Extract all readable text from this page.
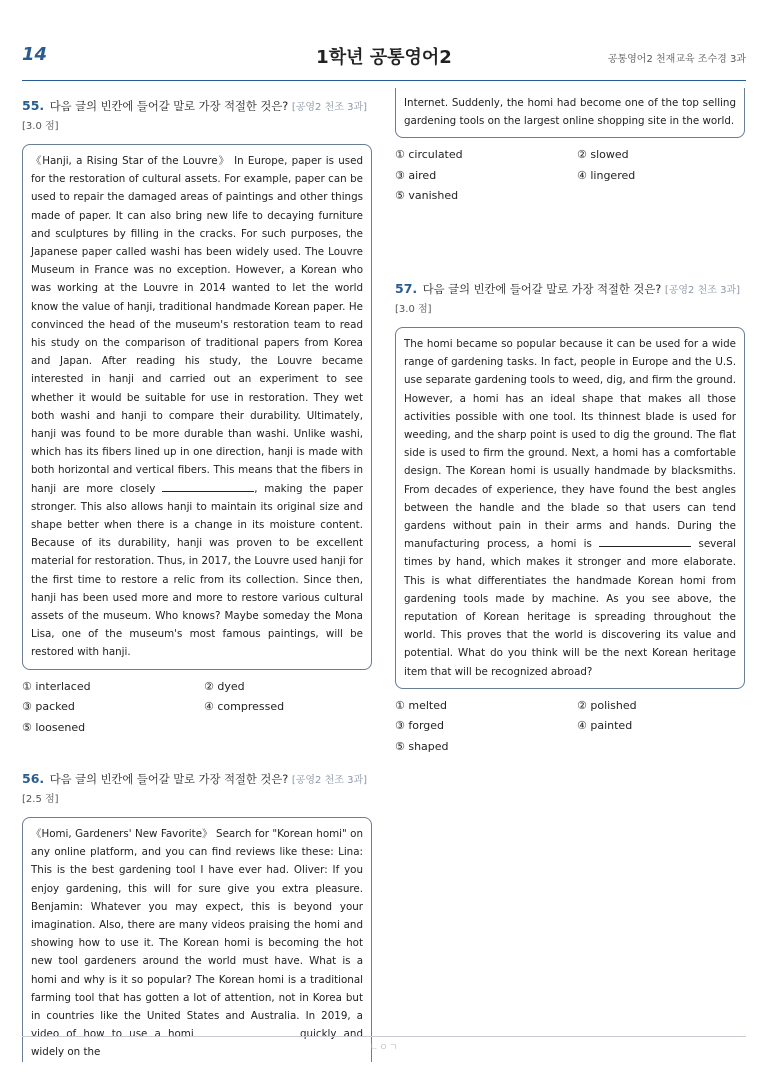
14	1학년 공통영어2	공통영어2 천재교육 조수경 3과
55. 다음 글의 빈칸에 들어갈 말로 가장 적절한 것은? [공영2 천조 3과] [3.0 점]
《Hanji, a Rising Star of the Louvre》 In Europe, paper is used for the restoration of cultural assets. For example, paper can be used to repair the damaged areas of paintings and other things made of paper. It can also bring new life to decaying furniture and sculptures by filling in the cracks. For such purposes, the Japanese paper called washi has been widely used. The Louvre Museum in France was no exception. However, a Korean who was working at the Louvre in 2014 wanted to let the world know the value of hanji, traditional handmade Korean paper. He convinced the head of the museum's restoration team to read his study on the comparison of traditional papers from Korea and Japan. After reading his study, the Louvre became interested in hanji and carried out an experiment to see whether it would be suitable for use in restoration. They wet both washi and hanji to compare their durability. Ultimately, hanji was found to be more durable than washi. Unlike washi, which has its fibers lined up in one direction, hanji is made with both horizontal and vertical fibers. This means that the fibers in hanji are more closely	, making the paper stronger. This also allows hanji to maintain its original size and shape better when there is a change in its moisture content. Because of its durability, hanji was proven to be excellent material for restoration. Thus, in 2017, the Louvre used hanji for the first time to restore a relic from its collection. Since then, hanji has been used more and more to restore various cultural assets of the museum. Who knows? Maybe someday the Mona Lisa, one of the museum's most famous paintings, will be restored with hanji.
① interlaced	② dyed
③ packed	④ compressed
⑤ loosened
56. 다음 글의 빈칸에 들어갈 말로 가장 적절한 것은? [공영2 천조 3과] [2.5 점]
《Homi, Gardeners' New Favorite》 Search for "Korean homi" on any online platform, and you can find reviews like these: Lina: This is the best gardening tool I have ever had. Oliver: If you enjoy gardening, this will for sure give you extra pleasure. Benjamin: Whatever you may expect, this is beyond your imagination. Also, there are many videos praising the homi and showing how to use it. The Korean homi is becoming the hot new tool gardeners around the world must have. What is a homi and why is it so popular? The Korean homi is a traditional farming tool that has gotten a lot of attention, not in Korea but in countries like the United States and Australia. In 2019, a video of how to use a homi	quickly and widely on the
Internet. Suddenly, the homi had become one of the top selling gardening tools on the largest online shopping site in the world.
① circulated	② slowed
③ aired	④ lingered
⑤ vanished
57. 다음 글의 빈칸에 들어갈 말로 가장 적절한 것은? [공영2 천조 3과] [3.0 점]
The homi became so popular because it can be used for a wide range of gardening tasks. In fact, people in Europe and the U.S. use separate gardening tools to weed, dig, and firm the ground. However, a homi has an ideal shape that makes all those activities possible with one tool. Its thinnest blade is used for weeding, and the sharp point is used to dig the ground. The flat side is used to firm the ground. Next, a homi has a comfortable design. The Korean homi is usually handmade by blacksmiths. From decades of experience, they have found the best angles between the handle and the blade so that users can tend gardens without pain in their arms and hands. During the manufacturing process, a homi is	several times by hand, which makes it stronger and more elaborate. This is what differentiates the handmade Korean homi from gardening tools made by machine. As you see above, the reputation of Korean heritage is spreading throughout the world. This proves that the world is discovering its value and potential. What do you think will be the next Korean heritage item that will be recognized abroad?
① melted	② polished
③ forged	④ painted
⑤ shaped
ㄴㅇㄱ
